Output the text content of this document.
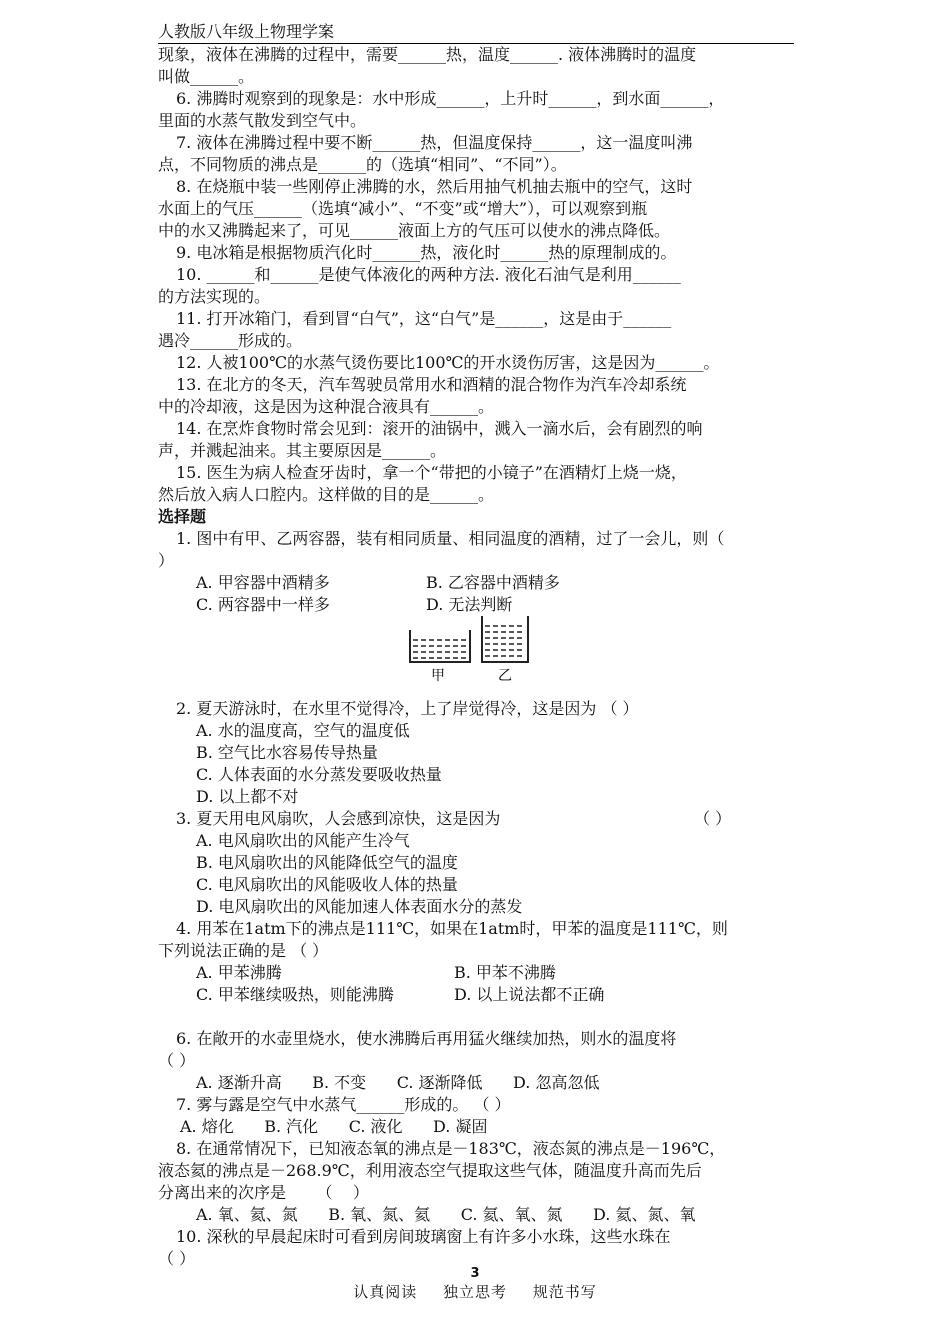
人教版八年级上物理学案
现象，液体在沸腾的过程中，需要______热，温度______. 液体沸腾时的温度
叫做______。
6. 沸腾时观察到的现象是：水中形成______，上升时______，到水面______，
里面的水蒸气散发到空气中。
7. 液体在沸腾过程中要不断______热，但温度保持______，这一温度叫沸
点，不同物质的沸点是______的（选填“相同”、“不同”）。
8. 在烧瓶中装一些刚停止沸腾的水，然后用抽气机抽去瓶中的空气，这时
水面上的气压______（选填“减小”、“不变”或“增大”），可以观察到瓶
中的水又沸腾起来了，可见______液面上方的气压可以使水的沸点降低。
9. 电冰箱是根据物质汽化时______热，液化时______热的原理制成的。
10. ______和______是使气体液化的两种方法. 液化石油气是利用______
的方法实现的。
11. 打开冰箱门，看到冒“白气”，这“白气”是______，这是由于______
遇冷______形成的。
12. 人被100℃的水蒸气烫伤要比100℃的开水烫伤厉害，这是因为______。
13. 在北方的冬天，汽车驾驶员常用水和酒精的混合物作为汽车冷却系统
中的冷却液，这是因为这种混合液具有______。
14. 在烹炸食物时常会见到：滚开的油锅中，溅入一滴水后，会有剧烈的响
声，并溅起油来。其主要原因是______。
15. 医生为病人检查牙齿时，拿一个“带把的小镜子”在酒精灯上烧一烧，
然后放入病人口腔内。这样做的目的是______。
选择题
1. 图中有甲、乙两容器，装有相同质量、相同温度的酒精，过了一会儿，则（
）
A. 甲容器中酒精多	B. 乙容器中酒精多
C. 两容器中一样多	D. 无法判断
甲	乙
2. 夏天游泳时，在水里不觉得冷，上了岸觉得冷，这是因为 （ ）
A. 水的温度高，空气的温度低
B. 空气比水容易传导热量
C. 人体表面的水分蒸发要吸收热量
D. 以上都不对
3. 夏天用电风扇吹，人会感到凉快，这是因为	（ ）
A. 电风扇吹出的风能产生冷气
B. 电风扇吹出的风能降低空气的温度
C. 电风扇吹出的风能吸收人体的热量
D. 电风扇吹出的风能加速人体表面水分的蒸发
4. 用苯在1atm下的沸点是111℃，如果在1atm时，甲苯的温度是111℃，则
下列说法正确的是 （ ）
A. 甲苯沸腾	B. 甲苯不沸腾
C. 甲苯继续吸热，则能沸腾	D. 以上说法都不正确
6. 在敞开的水壶里烧水，使水沸腾后再用猛火继续加热，则水的温度将
（ ）
A. 逐渐升高      B. 不变      C. 逐渐降低      D. 忽高忽低
7. 雾与露是空气中水蒸气______形成的。 （ ）
A. 熔化      B. 汽化      C. 液化      D. 凝固
8. 在通常情况下，已知液态氧的沸点是－183℃，液态氮的沸点是－196℃，
液态氦的沸点是－268.9℃，利用液态空气提取这些气体，随温度升高而先后
分离出来的次序是      （    ）
A. 氧、氦、氮      B. 氧、氮、氦      C. 氦、氧、氮      D. 氦、氮、氧
10. 深秋的早晨起床时可看到房间玻璃窗上有许多小水珠，这些水珠在
（ ）
3
认真阅读 独立思考 规范书写
